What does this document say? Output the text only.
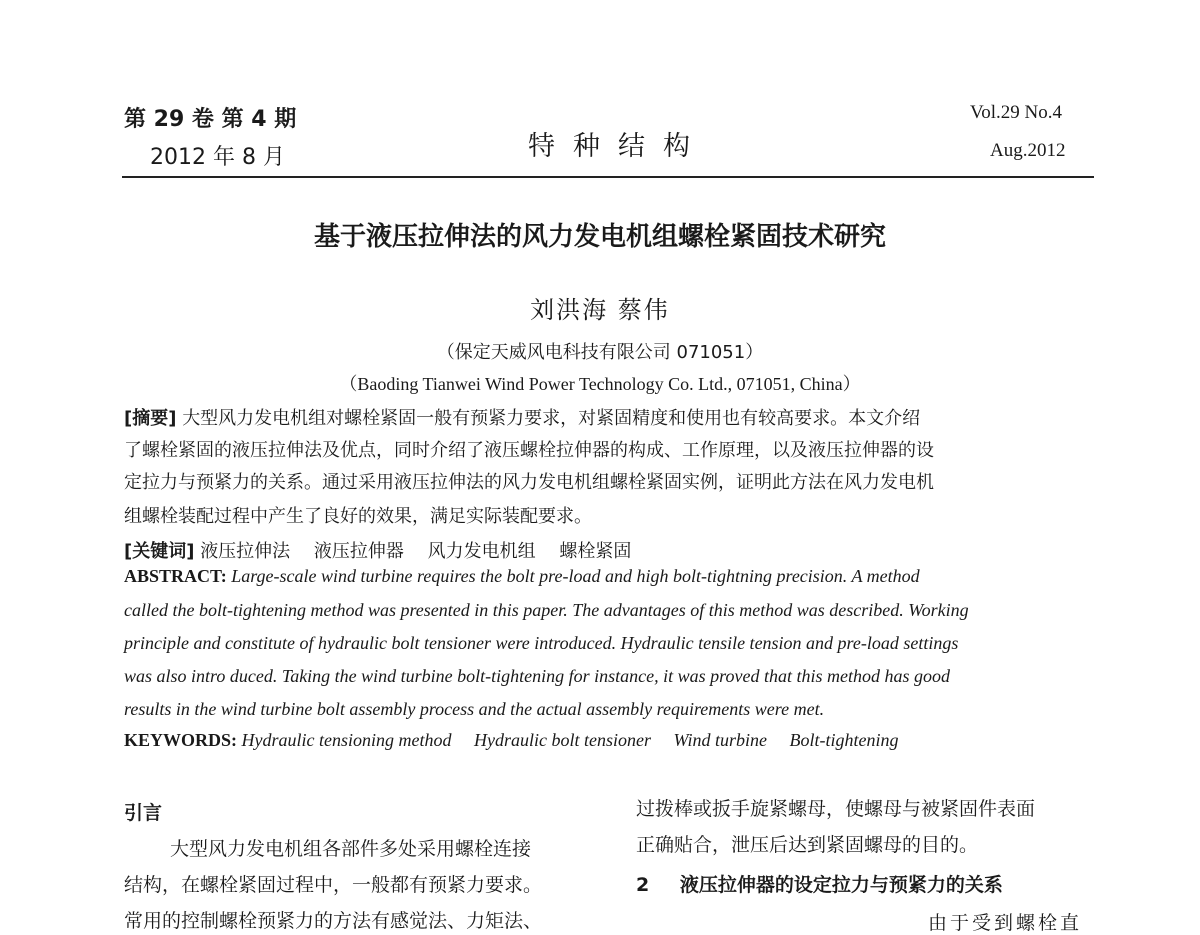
第 29 卷 第 4 期
2012 年 8 月	特种结构
Vol.29 No.4
Aug.2012
基于液压拉伸法的风力发电机组螺栓紧固技术研究
刘洪海 蔡伟
（保定天威风电科技有限公司 071051）
（Baoding Tianwei Wind Power Technology Co. Ltd., 071051, China）
[摘要] 大型风力发电机组对螺栓紧固一般有预紧力要求，对紧固精度和使用也有较高要求。本文介绍
了螺栓紧固的液压拉伸法及优点，同时介绍了液压螺栓拉伸器的构成、工作原理，以及液压拉伸器的设
定拉力与预紧力的关系。通过采用液压拉伸法的风力发电机组螺栓紧固实例，证明此方法在风力发电机
组螺栓装配过程中产生了良好的效果，满足实际装配要求。
[关键词] 液压拉伸法 液压拉伸器 风力发电机组 螺栓紧固
ABSTRACT: Large-scale wind turbine requires the bolt pre-load and high bolt-tightning precision. A method
called the bolt-tightening method was presented in this paper. The advantages of this method was described. Working
principle and constitute of hydraulic bolt tensioner were introduced. Hydraulic tensile tension and pre-load settings
was also intro duced. Taking the wind turbine bolt-tightening for instance, it was proved that this method has good
results in the wind turbine bolt assembly process and the actual assembly requirements were met.
KEYWORDS: Hydraulic tensioning method Hydraulic bolt tensioner Wind turbine Bolt-tightening
引言
大型风力发电机组各部件多处采用螺栓连接
结构，在螺栓紧固过程中，一般都有预紧力要求。
常用的控制螺栓预紧力的方法有感觉法、力矩法、
过拨棒或扳手旋紧螺母，使螺母与被紧固件表面
正确贴合，泄压后达到紧固螺母的目的。
2 液压拉伸器的设定拉力与预紧力的关系
由于受到螺栓直
